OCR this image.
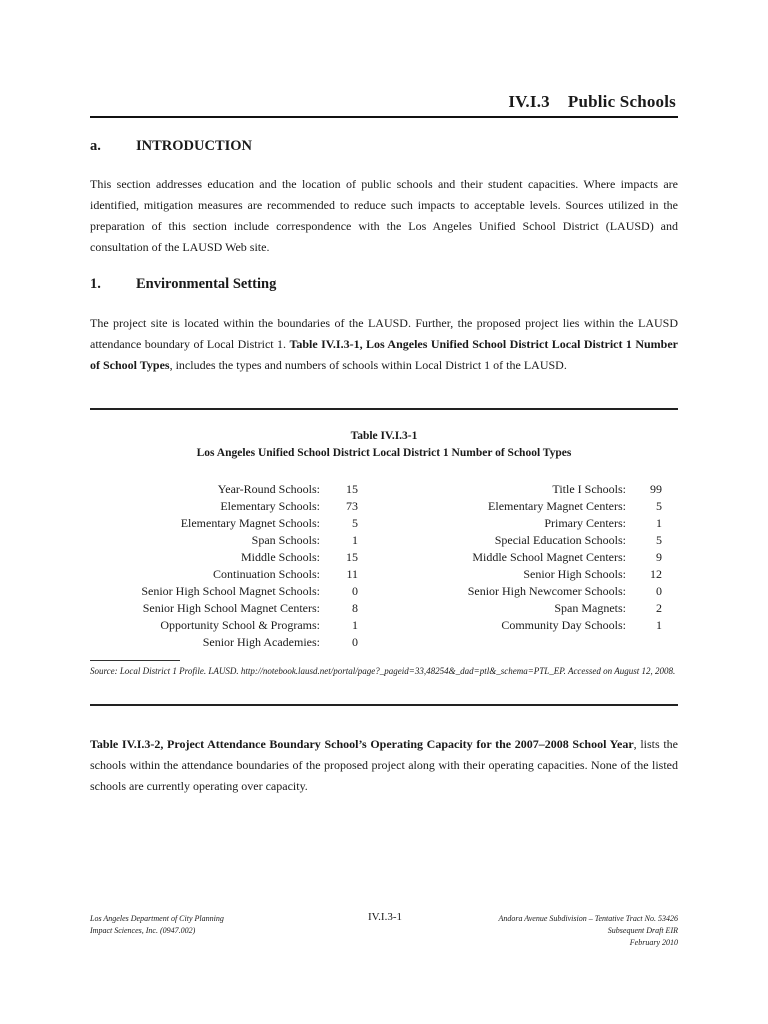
IV.I.3 Public Schools
a. INTRODUCTION
This section addresses education and the location of public schools and their student capacities. Where impacts are identified, mitigation measures are recommended to reduce such impacts to acceptable levels. Sources utilized in the preparation of this section include correspondence with the Los Angeles Unified School District (LAUSD) and consultation of the LAUSD Web site.
1. Environmental Setting
The project site is located within the boundaries of the LAUSD. Further, the proposed project lies within the LAUSD attendance boundary of Local District 1. Table IV.I.3-1, Los Angeles Unified School District Local District 1 Number of School Types, includes the types and numbers of schools within Local District 1 of the LAUSD.
Table IV.I.3-1
Los Angeles Unified School District Local District 1 Number of School Types
Year-Round Schools: 15
Elementary Schools: 73
Elementary Magnet Schools:	5
Span Schools:	1
Middle Schools: 15
Continuation Schools: 11
Senior High School Magnet Schools:	0
Senior High School Magnet Centers:	8
Opportunity School & Programs:	1
Senior High Academies:	0
Title I Schools: 99
Elementary Magnet Centers:	5
Primary Centers:	1
Special Education Schools:	5
Middle School Magnet Centers:	9
Senior High Schools: 12
Senior High Newcomer Schools:	0
Span Magnets:	2
Community Day Schools:	1
Source: Local District 1 Profile. LAUSD. http://notebook.lausd.net/portal/page?_pageid=33,48254&_dad=ptl&_schema=PTL_EP. Accessed on August 12, 2008.
Table IV.I.3-2, Project Attendance Boundary School’s Operating Capacity for the 2007–2008 School Year, lists the schools within the attendance boundaries of the proposed project along with their operating capacities. None of the listed schools are currently operating over capacity.
Los Angeles Department of City Planning
Impact Sciences, Inc. (0947.002)
IV.I.3-1	Andora Avenue Subdivision – Tentative Tract No. 53426
Subsequent Draft EIR
February 2010
